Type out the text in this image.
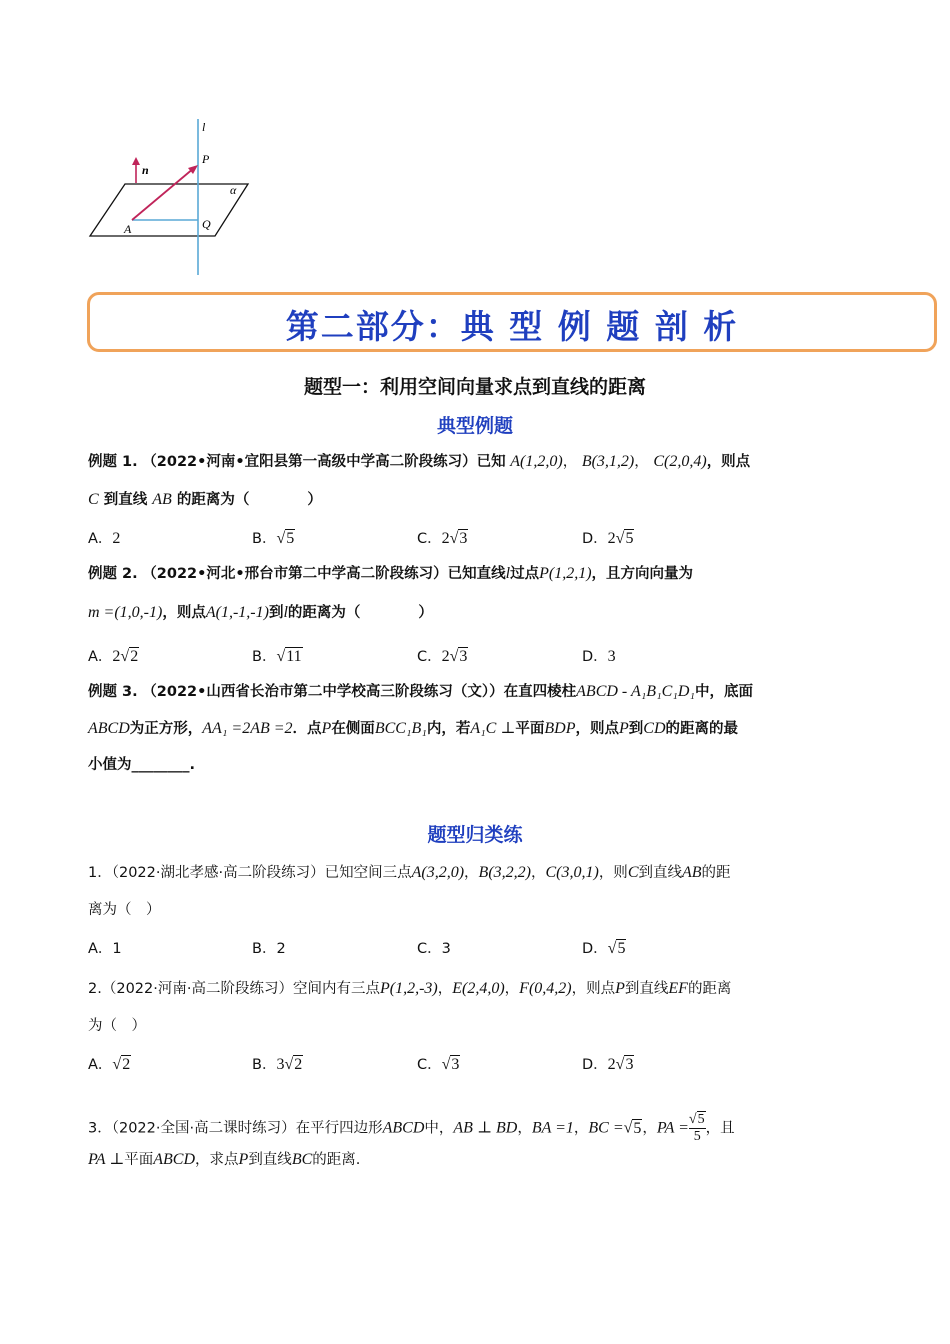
l
P
n
α
A	Q
第二部分：典 型 例 题 剖 析
题型一：利用空间向量求点到直线的距离
典型例题
例题 1. （2022•河南•宜阳县第一高级中学高二阶段练习）已知 A(1,2,0)， B(3,1,2)， C(2,0,4)，则点
C 到直线 AB 的距离为（　　　　）
A．2	B．√5	C．2√3	D．2√5
例题 2. （2022•河北•邢台市第二中学高二阶段练习）已知直线l过点P(1,2,1)，且方向向量为
m =(1,0,-1)，则点A(1,-1,-1)到l的距离为（　　　　）
A．2√2	B．√11	C．2√3	D．3
例题 3. （2022•山西省长治市第二中学校高三阶段练习（文））在直四棱柱ABCD - A₁B₁C₁D₁中，底面
ABCD为正方形，AA₁ =2AB =2．点P在侧面BCC₁B₁内，若A₁C ⊥平面BDP，则点P到CD的距离的最
小值为________.
题型归类练
1．（2022·湖北孝感·高二阶段练习）已知空间三点A(3,2,0)，B(3,2,2)，C(3,0,1)，则C到直线AB的距
离为（　）
A．1	B．2	C．3	D．√5
2.（2022·河南·高二阶段练习）空间内有三点P(1,2,-3)，E(2,4,0)，F(0,4,2)，则点P到直线EF的距离
为（　）
A．√2	B．3√2	C．√3	D．2√3
3．（2022·全国·高二课时练习）在平行四边形ABCD中，AB ⊥ BD，BA =1，BC =√5，PA = $\frac{√5}{5}$ ，且
PA ⊥平面ABCD，求点P到直线BC的距离.
